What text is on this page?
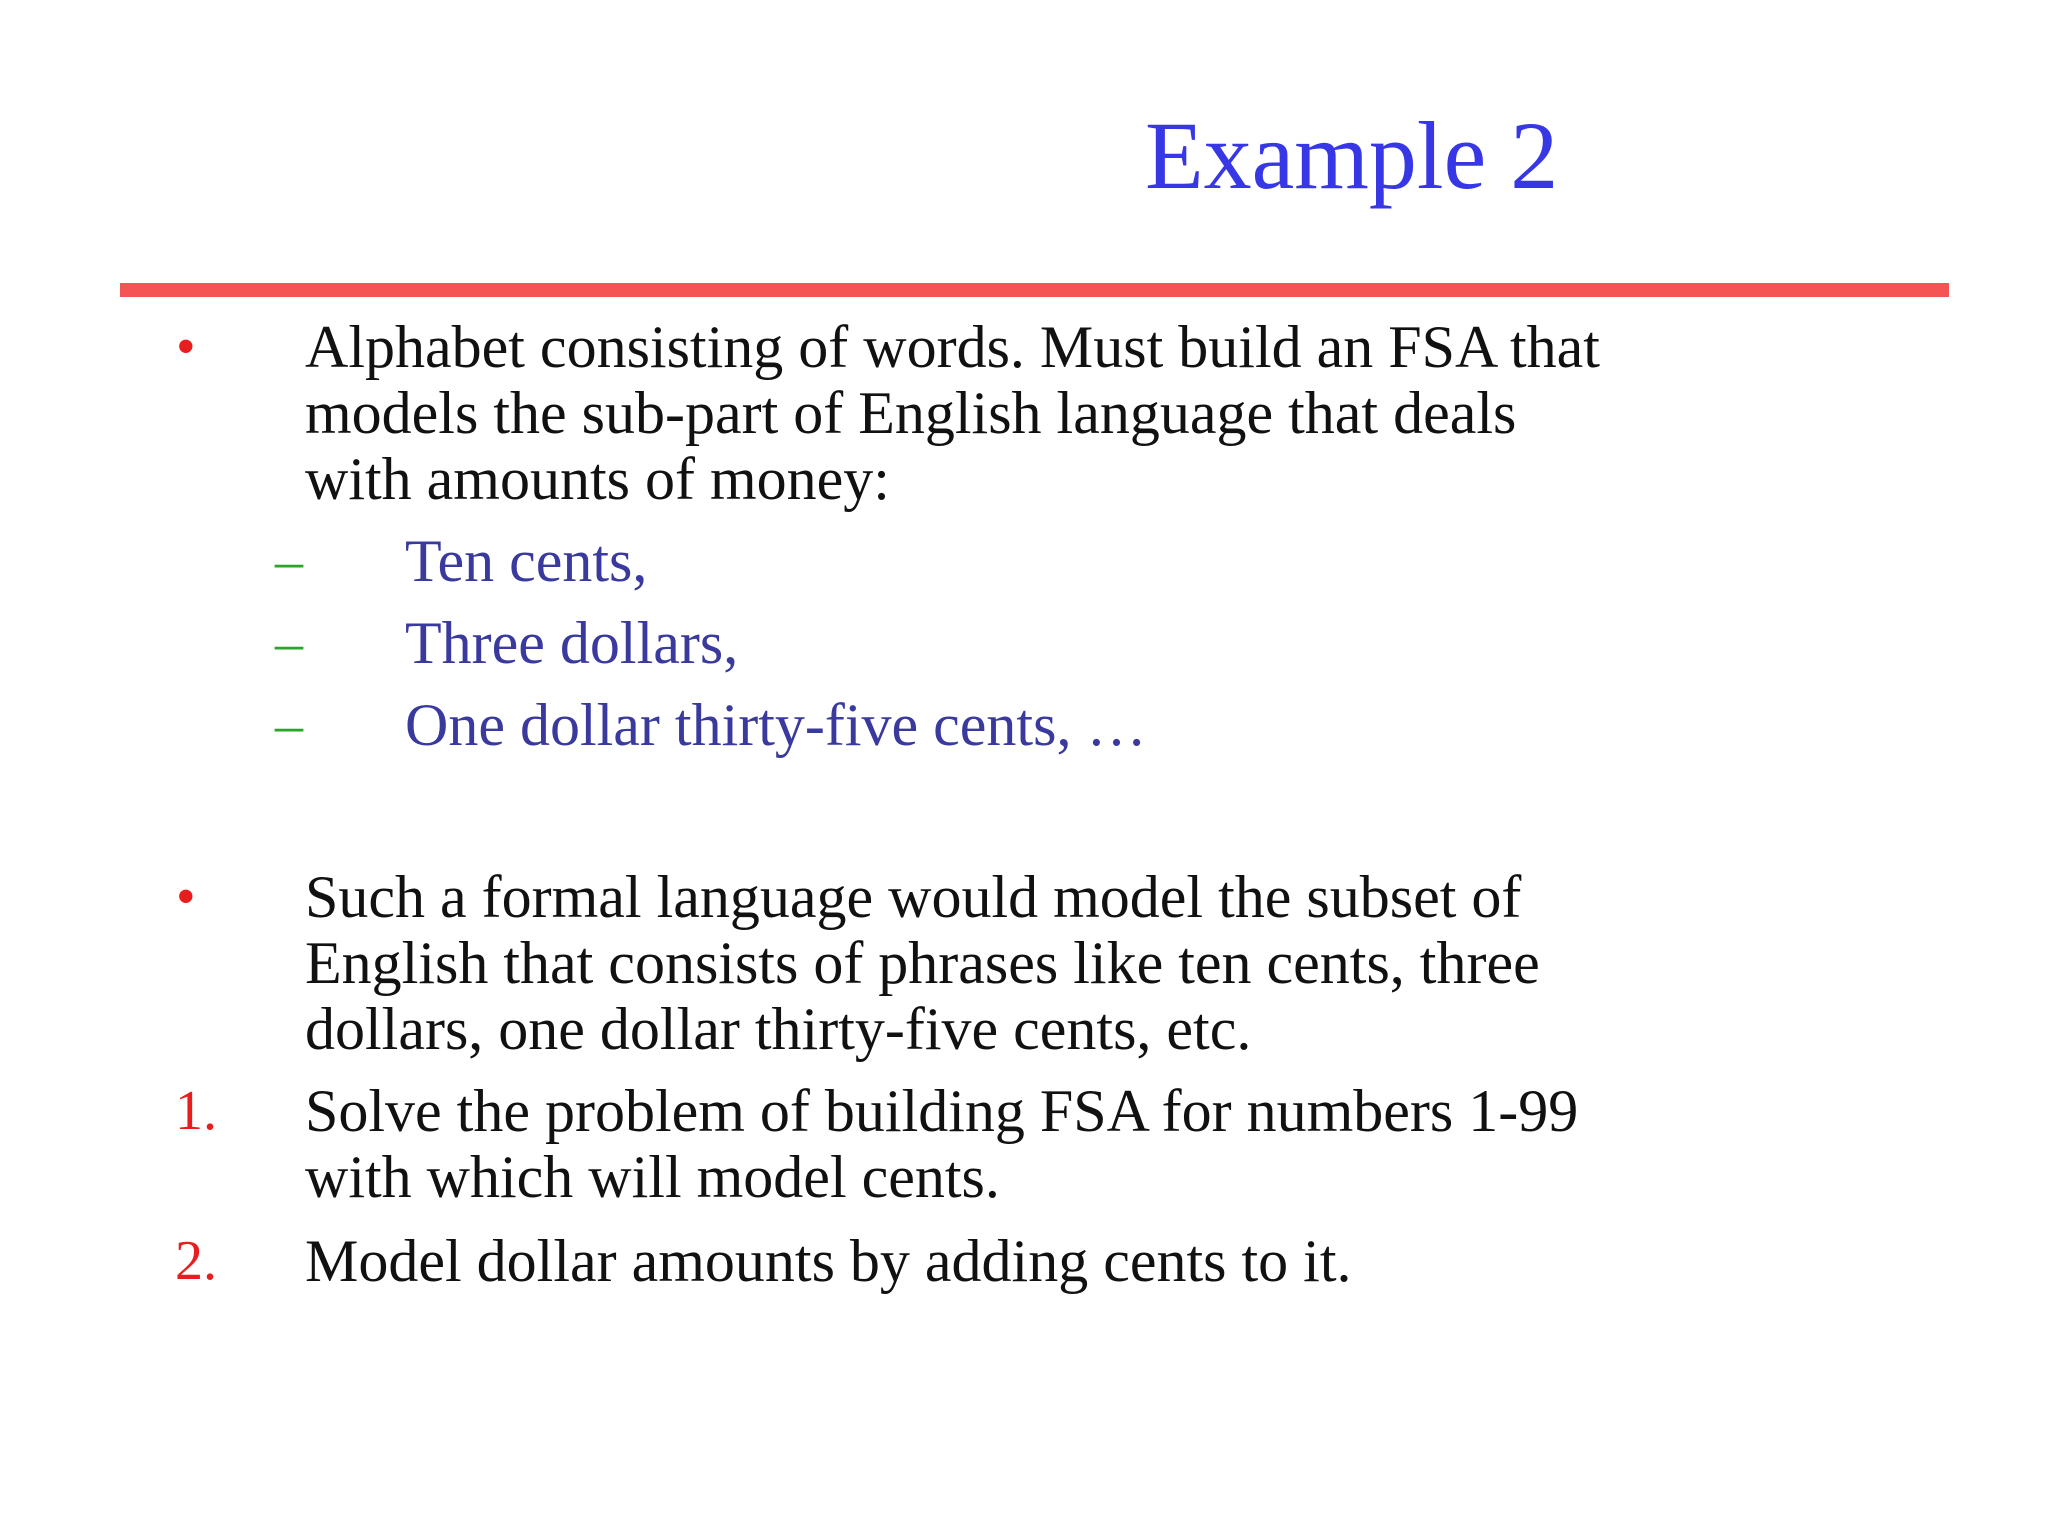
Example 2
• Alphabet consisting of words. Must build an FSA that
models the sub-part of English language that deals
with amounts of money:
– Ten cents,
– Three dollars,
– One dollar thirty-five cents, …
• Such a formal language would model the subset of
English that consists of phrases like ten cents, three
dollars, one dollar thirty-five cents, etc.
1. Solve the problem of building FSA for numbers 1-99
with which will model cents.
2. Model dollar amounts by adding cents to it.
